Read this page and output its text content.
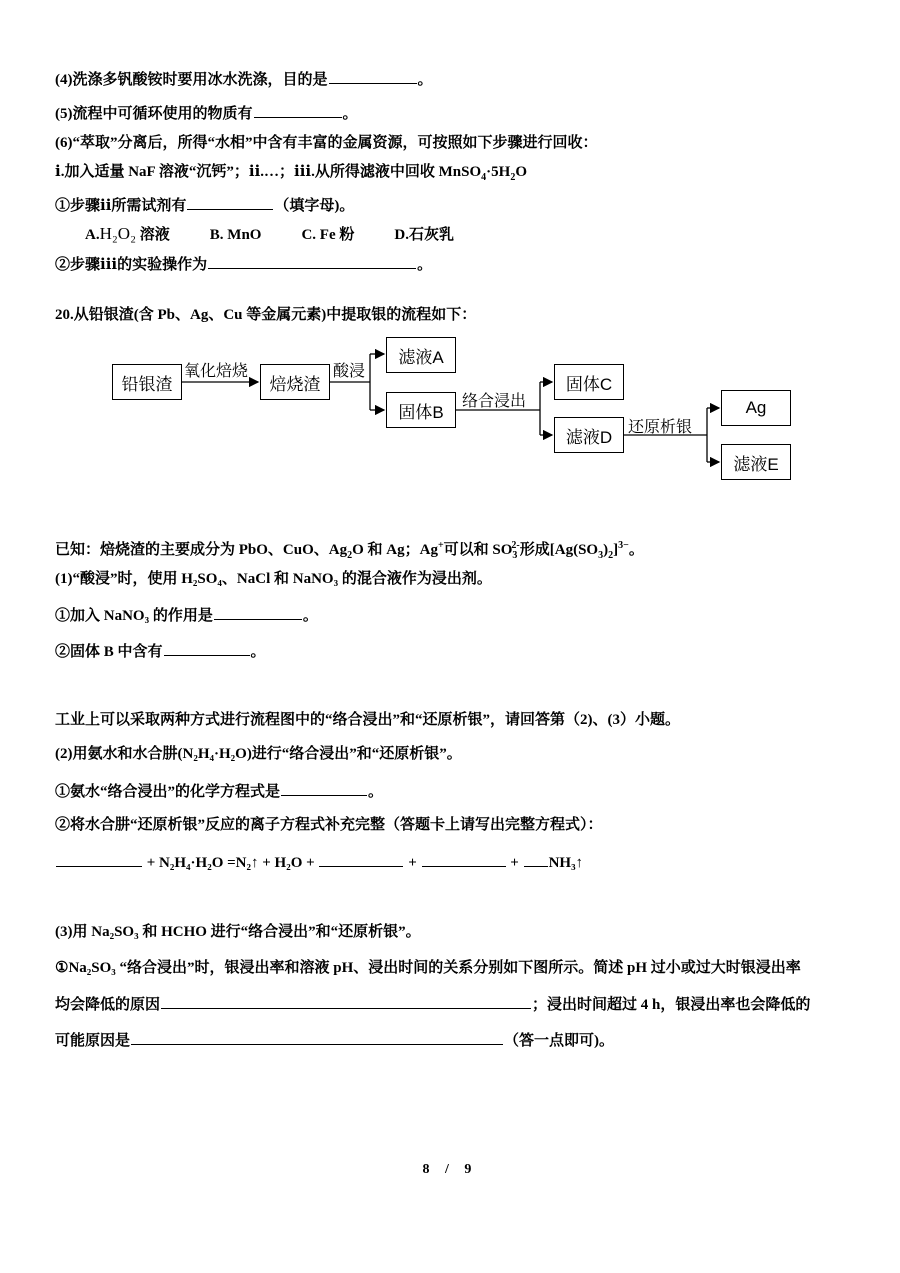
(4)洗涤多钒酸铵时要用冰水洗涤，目的是	。
(5)流程中可循环使用的物质有	。
(6)“萃取”分离后，所得“水相”中含有丰富的金属资源，可按照如下步骤进行回收：
ⅰ.加入适量 NaF 溶液“沉钙”；ⅱ.…；ⅲ.从所得滤液中回收 $MnSO_4\cdot 5H_2O$
①步骤ⅱ所需试剂有	（填字母)。
A.H₂O₂ 溶液	B. MnO	C. Fe 粉	D.石灰乳
②步骤ⅲ的实验操作为	。
20.从铅银渣(含 Pb、Ag、Cu 等金属元素)中提取银的流程如下：
铅银渣
氧化焙烧
焙烧渣
酸浸
滤液A
固体B
络合浸出
固体C
滤液D 还原析银
Ag
滤液E
已知：焙烧渣的主要成分为 PbO、CuO、$Ag_2O$ 和 Ag；Ag+可以和 $SO_3^{2-}$形成$[Ag(SO_3)_2]^{3-}$。
(1)“酸浸”时，使用 H₂SO₄、NaCl 和 NaNO₃ 的混合液作为浸出剂。
①加入 NaNO₃ 的作用是	。
②固体 B 中含有	。
工业上可以采取两种方式进行流程图中的“络合浸出”和“还原析银”，请回答第（2)、(3）小题。
(2)用氨水和水合肼(N₂H₄·H₂O)进行“络合浸出”和“还原析银”。
①氨水“络合浸出”的化学方程式是	。
②将水合肼“还原析银”反应的离子方程式补充完整（答题卡上请写出完整方程式）：
+ N₂H₄·H₂O =N₂↑ + H₂O +	+	+ NH₃↑
(3)用 Na₂SO₃ 和 HCHO 进行“络合浸出”和“还原析银”。
①Na₂SO₃ “络合浸出”时，银浸出率和溶液 pH、浸出时间的关系分别如下图所示。简述 pH 过小或过大时银浸出率
均会降低的原因	；浸出时间超过 4 h，银浸出率也会降低的
可能原因是	（答一点即可)。
8 / 9
